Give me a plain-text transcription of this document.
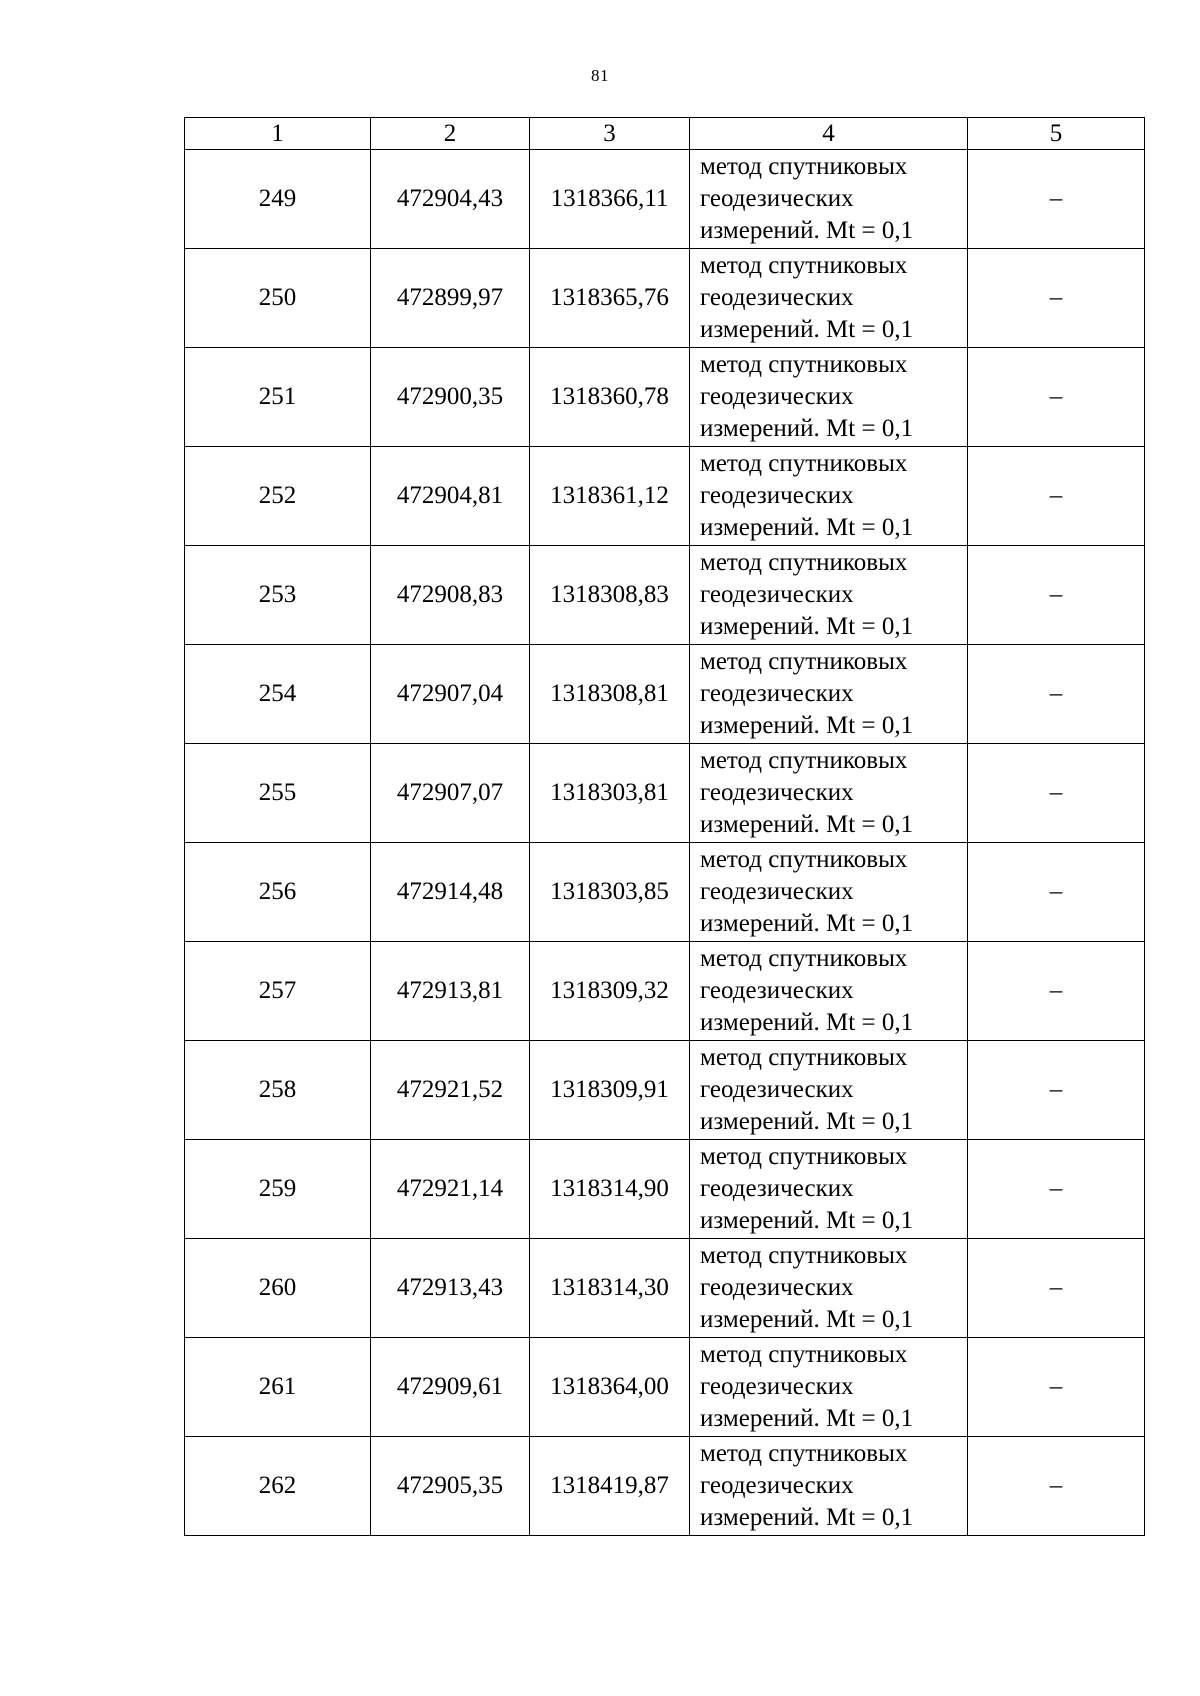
81
1	2	3	4	5
249	472904,43	1318366,11	метод спутниковых
геодезических
измерений. Mt = 0,1	–
250	472899,97	1318365,76	метод спутниковых
геодезических
измерений. Mt = 0,1	–
251	472900,35	1318360,78	метод спутниковых
геодезических
измерений. Mt = 0,1	–
252	472904,81	1318361,12	метод спутниковых
геодезических
измерений. Mt = 0,1	–
253	472908,83	1318308,83	метод спутниковых
геодезических
измерений. Mt = 0,1	–
254	472907,04	1318308,81	метод спутниковых
геодезических
измерений. Mt = 0,1	–
255	472907,07	1318303,81	метод спутниковых
геодезических
измерений. Mt = 0,1	–
256	472914,48	1318303,85	метод спутниковых
геодезических
измерений. Mt = 0,1	–
257	472913,81	1318309,32	метод спутниковых
геодезических
измерений. Mt = 0,1	–
258	472921,52	1318309,91	метод спутниковых
геодезических
измерений. Mt = 0,1	–
259	472921,14	1318314,90	метод спутниковых
геодезических
измерений. Mt = 0,1	–
260	472913,43	1318314,30	метод спутниковых
геодезических
измерений. Mt = 0,1	–
261	472909,61	1318364,00	метод спутниковых
геодезических
измерений. Mt = 0,1	–
262	472905,35	1318419,87	метод спутниковых
геодезических
измерений. Mt = 0,1	–
